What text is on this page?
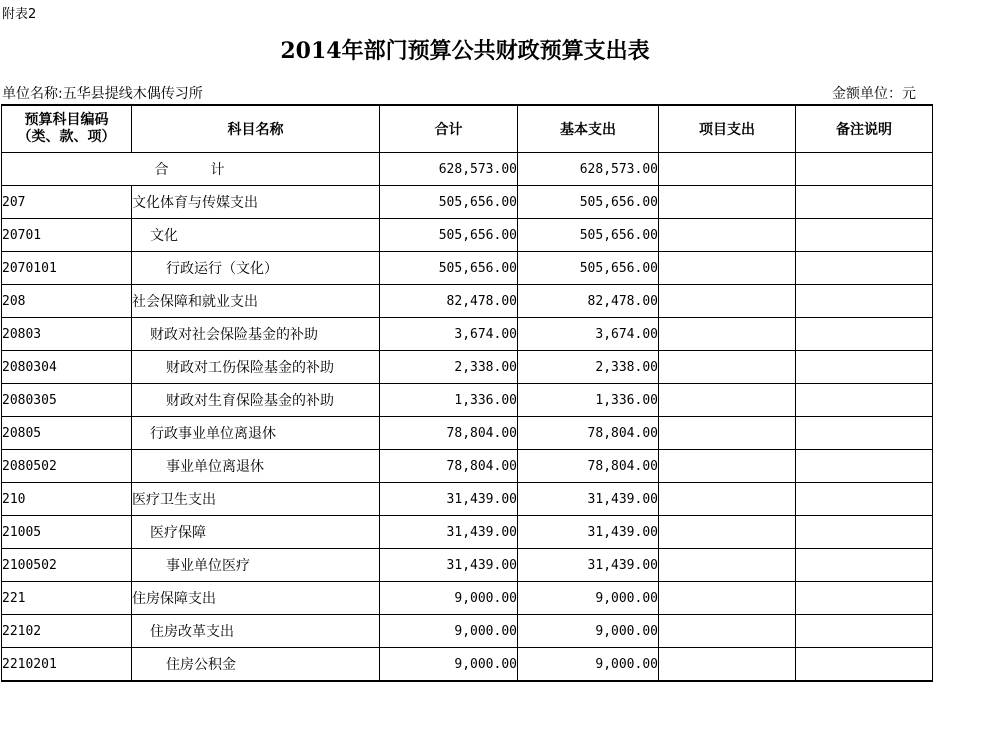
附表2
2014年部门预算公共财政预算支出表
单位名称:五华县提线木偶传习所	金额单位：元
预算科目编码
（类、款、项）	科目名称	合计	基本支出	项目支出	备注说明
合 计		628,573.00	628,573.00		
207	文化体育与传媒支出	505,656.00	505,656.00		
20701	文化	505,656.00	505,656.00		
2070101	行政运行（文化）	505,656.00	505,656.00		
208	社会保障和就业支出	82,478.00	82,478.00		
20803	财政对社会保险基金的补助	3,674.00	3,674.00		
2080304	财政对工伤保险基金的补助	2,338.00	2,338.00		
2080305	财政对生育保险基金的补助	1,336.00	1,336.00		
20805	行政事业单位离退休	78,804.00	78,804.00		
2080502	事业单位离退休	78,804.00	78,804.00		
210	医疗卫生支出	31,439.00	31,439.00		
21005	医疗保障	31,439.00	31,439.00		
2100502	事业单位医疗	31,439.00	31,439.00		
221	住房保障支出	9,000.00	9,000.00		
22102	住房改革支出	9,000.00	9,000.00		
2210201	住房公积金	9,000.00	9,000.00		
